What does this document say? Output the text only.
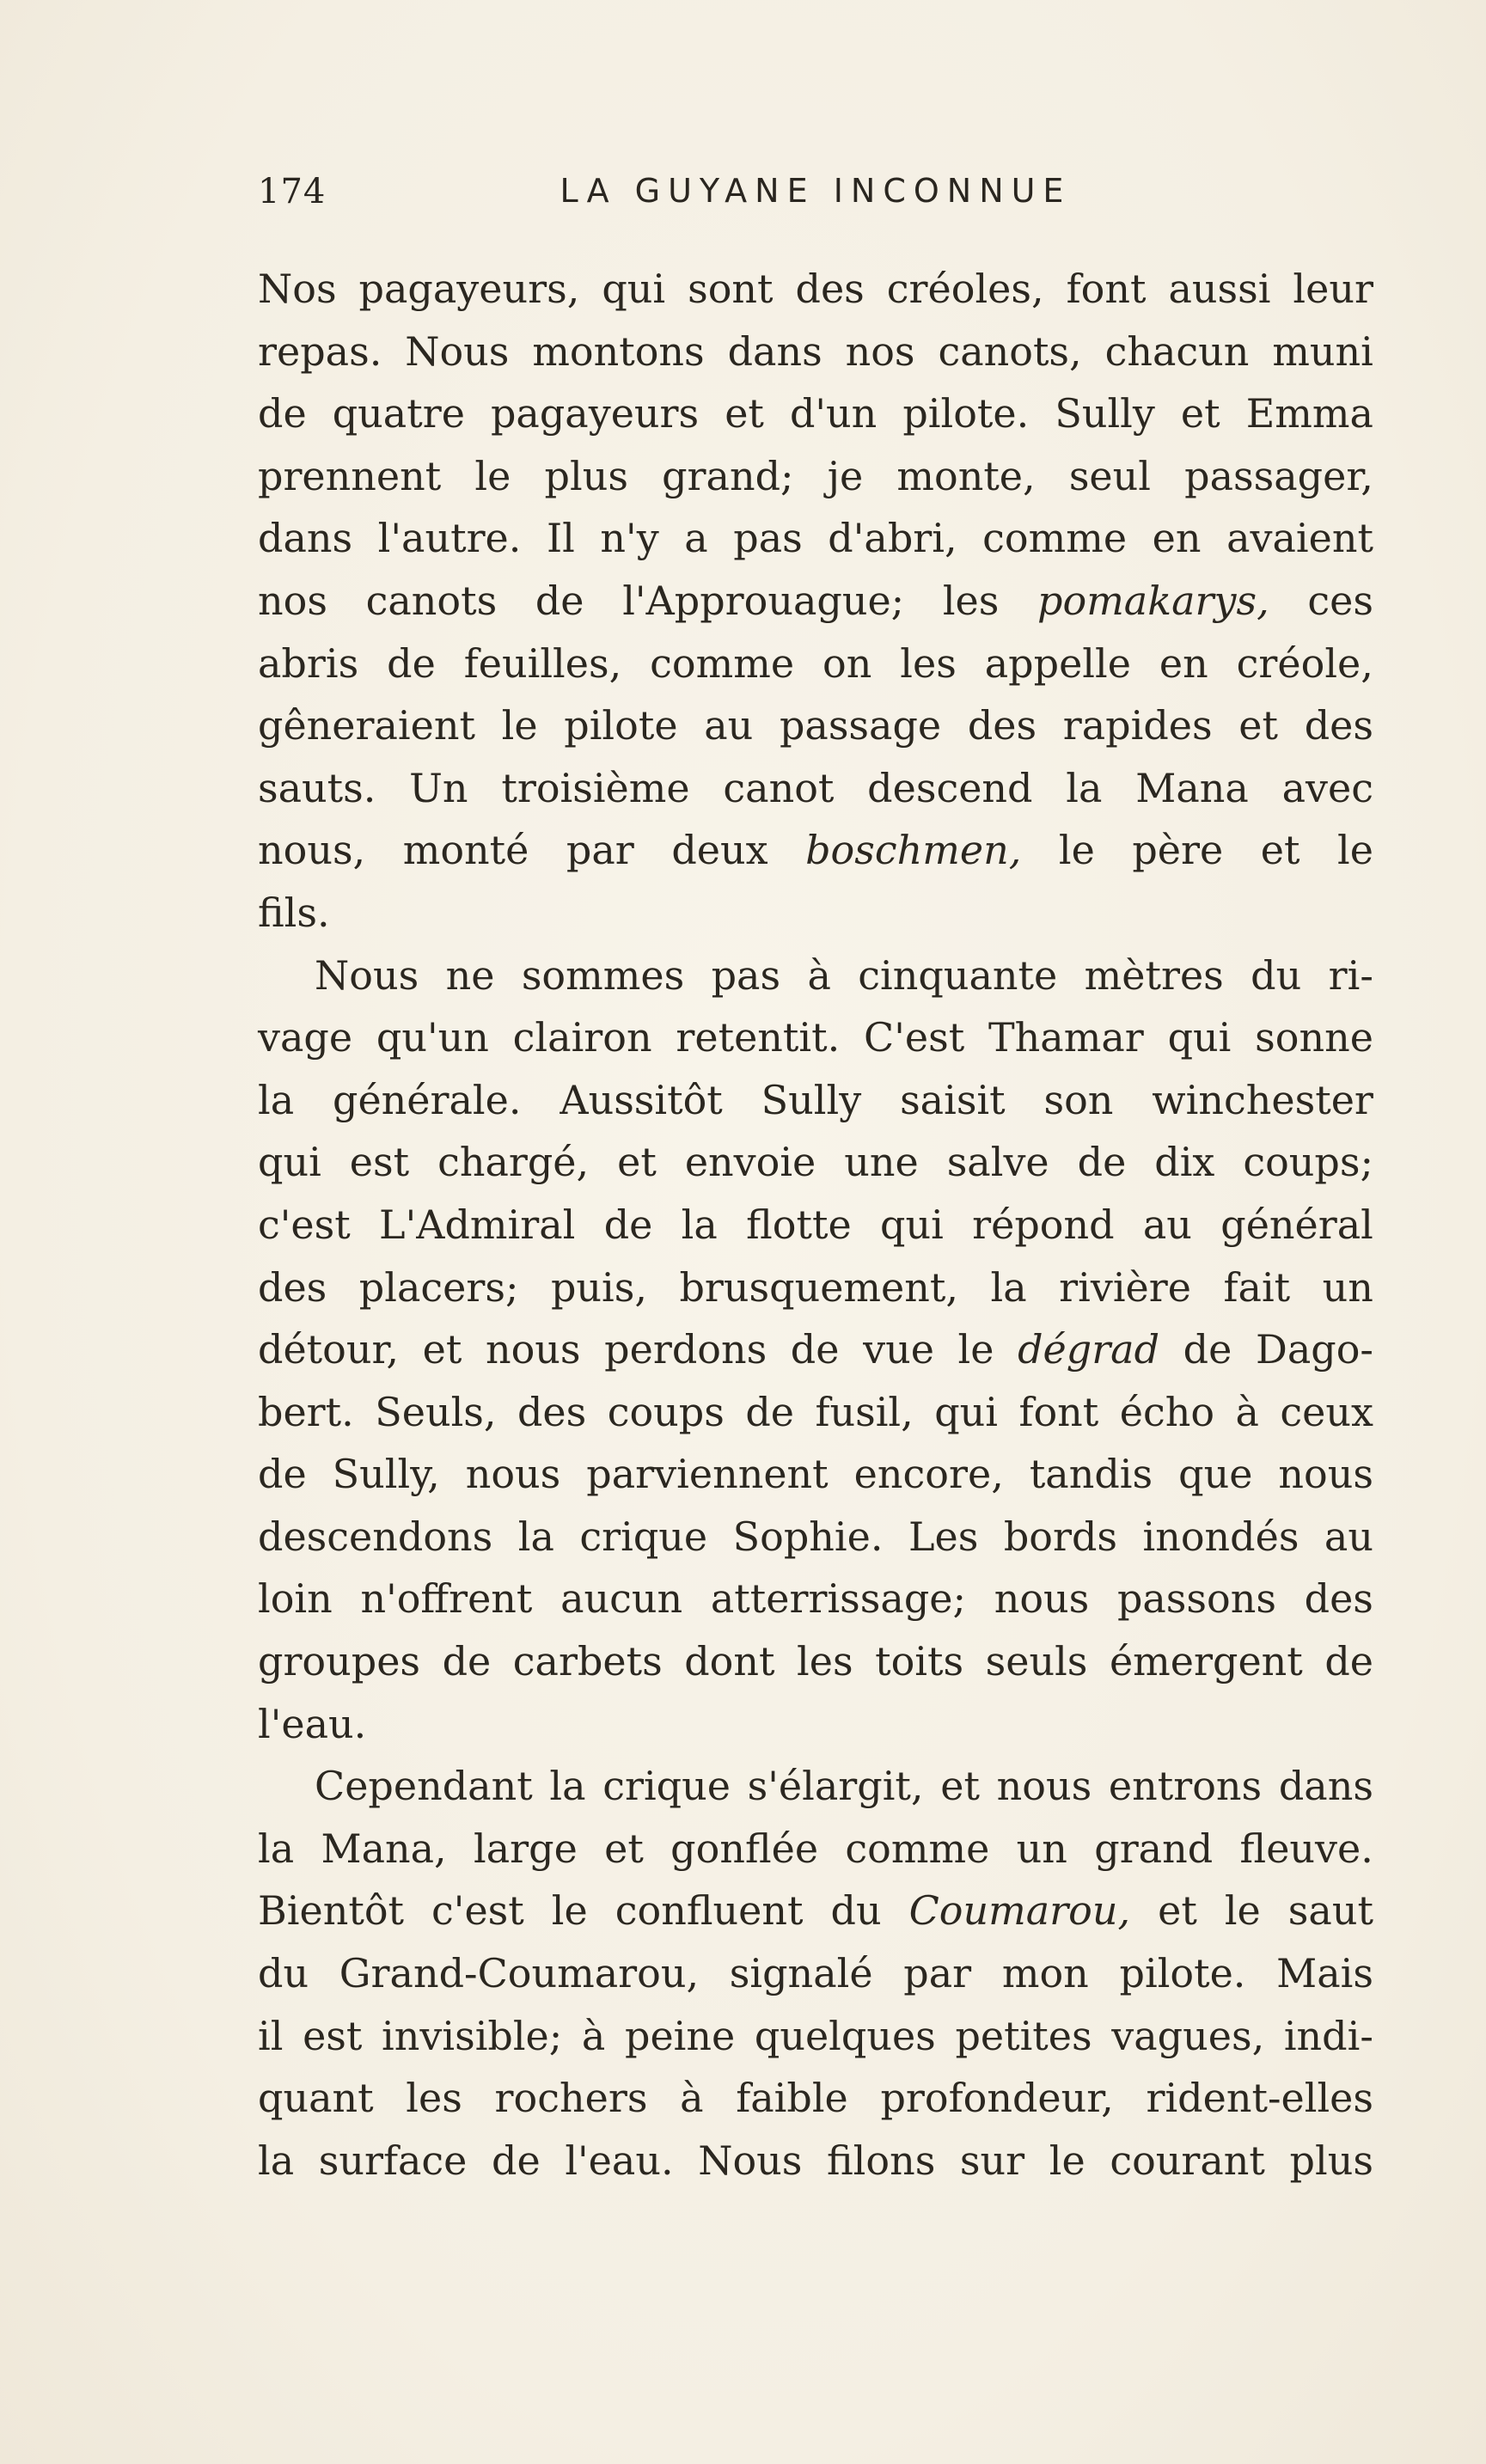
174	LA GUYANE INCONNUE
Nos pagayeurs, qui sont des créoles, font aussi leur
repas. Nous montons dans nos canots, chacun muni
de quatre pagayeurs et d'un pilote. Sully et Emma
prennent le plus grand; je monte, seul passager,
dans l'autre. Il n'y a pas d'abri, comme en avaient
nos canots de l'Approuague; les pomakarys, ces
abris de feuilles, comme on les appelle en créole,
gêneraient le pilote au passage des rapides et des
sauts. Un troisième canot descend la Mana avec
nous, monté par deux boschmen, le père et le
fils.
Nous ne sommes pas à cinquante mètres du ri-
vage qu'un clairon retentit. C'est Thamar qui sonne
la générale. Aussitôt Sully saisit son winchester
qui est chargé, et envoie une salve de dix coups;
c'est L'Admiral de la flotte qui répond au général
des placers; puis, brusquement, la rivière fait un
détour, et nous perdons de vue le dégrad de Dago-
bert. Seuls, des coups de fusil, qui font écho à ceux
de Sully, nous parviennent encore, tandis que nous
descendons la crique Sophie. Les bords inondés au
loin n'offrent aucun atterrissage; nous passons des
groupes de carbets dont les toits seuls émergent de
l'eau.
Cependant la crique s'élargit, et nous entrons dans
la Mana, large et gonflée comme un grand fleuve.
Bientôt c'est le confluent du Coumarou, et le saut
du Grand-Coumarou, signalé par mon pilote. Mais
il est invisible; à peine quelques petites vagues, indi-
quant les rochers à faible profondeur, rident-elles
la surface de l'eau. Nous filons sur le courant plus
